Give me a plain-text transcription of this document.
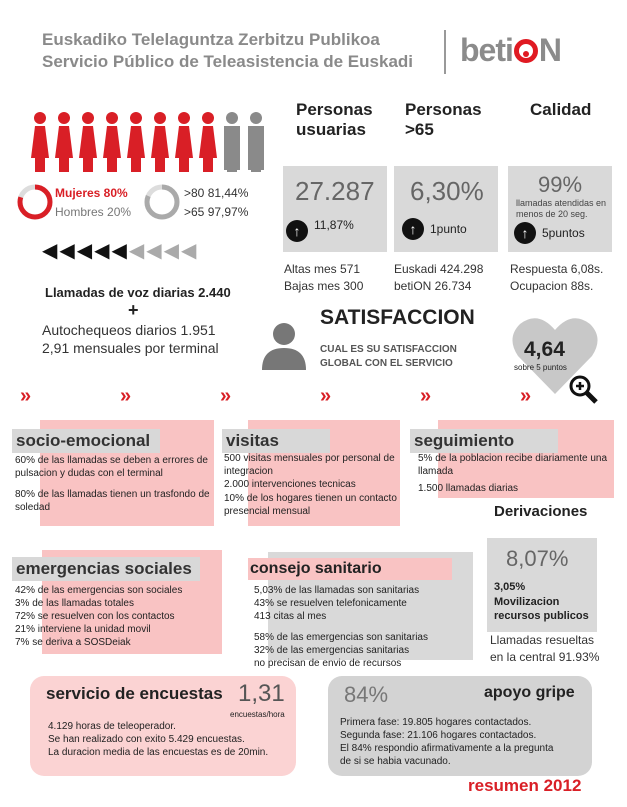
Euskadiko Telelaguntza Zerbitzu Publikoa
Servicio Público de Teleasistencia de Euskadi beti N
Mujeres 80%
Hombres 20%
>80 81,44%
>65 97,97%
◀◀◀◀◀◀◀◀◀
Llamadas de voz diarias 2.440
+
Autochequeos diarios 1.951
2,91 mensuales por terminal
Personas usuarias
Personas >65
Calidad
27.287
↑	11,87%
6,30%
↑	1punto
99%
llamadas atendidas en menos de 20 seg.
↑	5puntos
Altas mes 571
Bajas mes 300
Euskadi 424.298
betiON 26.734
Respuesta 6,08s.
Ocupacion 88s.
SATISFACCION
CUAL ES SU SATISFACCION
GLOBAL CON EL SERVICIO
4,64
sobre 5 puntos
»	»	»	»	»	»
socio-emocional
60% de las llamadas se deben a errores de pulsacion y dudas con el terminal
80% de las llamadas tienen un trasfondo de soledad
visitas
500 visitas mensuales por personal de integracion
2.000 intervenciones tecnicas
10% de los hogares tienen un contacto presencial mensual
seguimiento
5% de la poblacion recibe diariamente una llamada
1.500 llamadas diarias
Derivaciones
8,07%
3,05%
Movilizacion
recursos publicos
Llamadas resueltas
en la central 91.93%
emergencias sociales
42% de las emergencias son sociales
3% de las llamadas totales
72% se resuelven con los contactos
21% interviene la unidad movil
7% se deriva a SOSDeiak
consejo sanitario
5,03% de las llamadas son sanitarias
43% se resuelven telefonicamente
413 citas al mes
58% de las emergencias son sanitarias
32% de las emergencias sanitarias
no precisan de envio de recursos
servicio de encuestas 1,31
encuestas/hora
4.129 horas de teleoperador.
Se han realizado con exito 5.429 encuestas.
La duracion media de las encuestas es de 20min.
84%	apoyo gripe
Primera fase: 19.805 hogares contactados.
Segunda fase: 21.106 hogares contactados.
El 84% respondio afirmativamente a la pregunta
de si se habia vacunado.
resumen 2012
